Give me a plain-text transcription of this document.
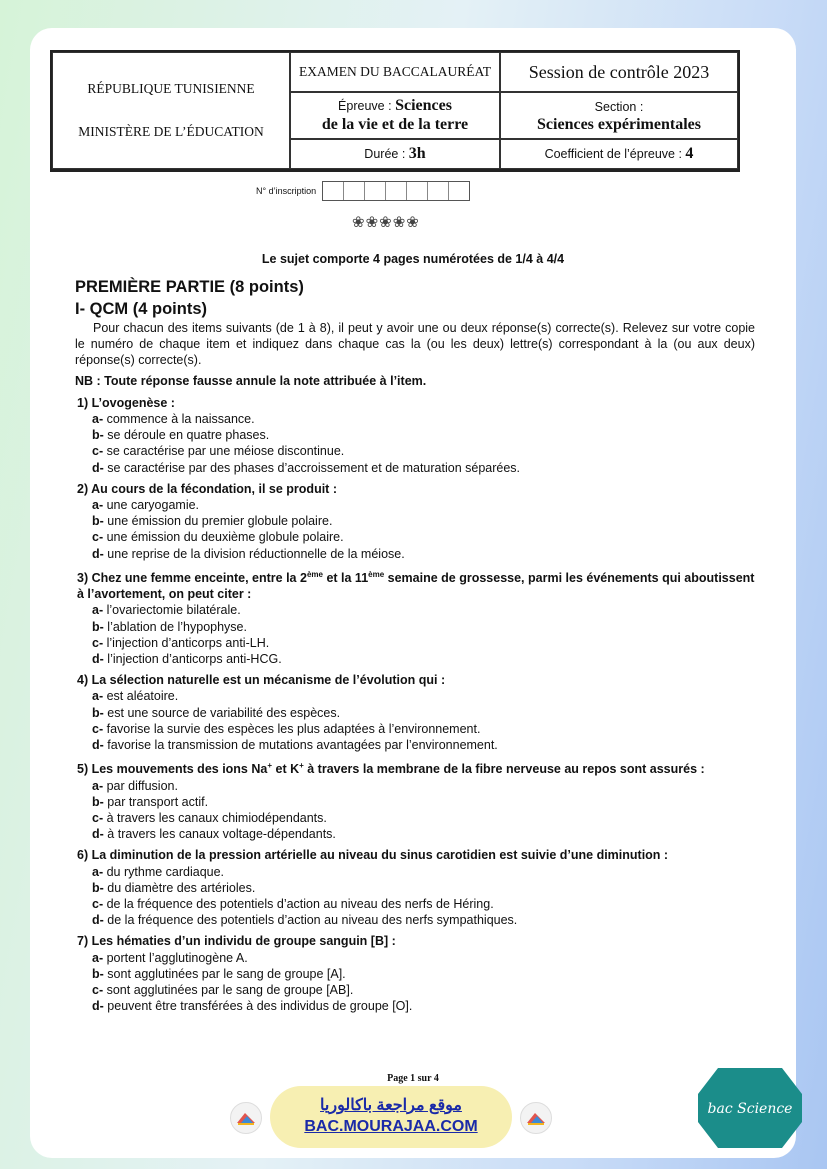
RÉPUBLIQUE TUNISIENNE
MINISTÈRE DE L’ÉDUCATION
EXAMEN DU BACCALAURÉAT	Session de contrôle 2023
Épreuve : Sciences
de la vie et de la terre
Section :
Sciences expérimentales
Durée :
3h	Coefficient de l’épreuve :
4
N° d’inscription
❀❀❀❀❀
Le sujet comporte 4 pages numérotées de 1/4 à 4/4
PREMIÈRE PARTIE (8 points)
I- QCM (4 points)

Pour chacun des items suivants (de 1 à 8), il peut y avoir une ou deux réponse(s) correcte(s). Relevez sur votre copie le numéro de chaque item et indiquez dans chaque cas la (ou les deux) lettre(s) correspondant à la (ou aux deux) réponse(s) correcte(s).

NB : Toute réponse fausse annule la note attribuée à l’item.
1) L’ovogenèse :
a- commence à la naissance.
b- se déroule en quatre phases.
c- se caractérise par une méiose discontinue.
d- se caractérise par des phases d’accroissement et de maturation séparées.
2) Au cours de la fécondation, il se produit :
a- une caryogamie.
b- une émission du premier globule polaire.
c- une émission du deuxième globule polaire.
d- une reprise de la division réductionnelle de la méiose.
3) Chez une femme enceinte, entre la 2ème et la 11ème semaine de grossesse, parmi les événements qui aboutissent à l’avortement, on peut citer :
a- l’ovariectomie bilatérale.
b- l’ablation de l’hypophyse.
c- l’injection d’anticorps anti-LH.
d- l’injection d’anticorps anti-HCG.
4) La sélection naturelle est un mécanisme de l’évolution qui :
a- est aléatoire.
b- est une source de variabilité des espèces.
c- favorise la survie des espèces les plus adaptées à l’environnement.
d- favorise la transmission de mutations avantagées par l’environnement.
5) Les mouvements des ions Na+ et K+ à travers la membrane de la fibre nerveuse au repos sont assurés :
a- par diffusion.
b- par transport actif.
c- à travers les canaux chimiodépendants.
d- à travers les canaux voltage-dépendants.
6) La diminution de la pression artérielle au niveau du sinus carotidien est suivie d’une diminution :
a- du rythme cardiaque.
b- du diamètre des artérioles.
c- de la fréquence des potentiels d’action au niveau des nerfs de Héring.
d- de la fréquence des potentiels d’action au niveau des nerfs sympathiques.
7) Les hématies d’un individu de groupe sanguin [B] :
a- portent l’agglutinogène A.
b- sont agglutinées par le sang de groupe [A].
c- sont agglutinées par le sang de groupe [AB].
d- peuvent être transférées à des individus de groupe [O].
Page 1 sur 4
موقع مراجعة باكالوريا
BAC.MOURAJAA.COM
bac Science
